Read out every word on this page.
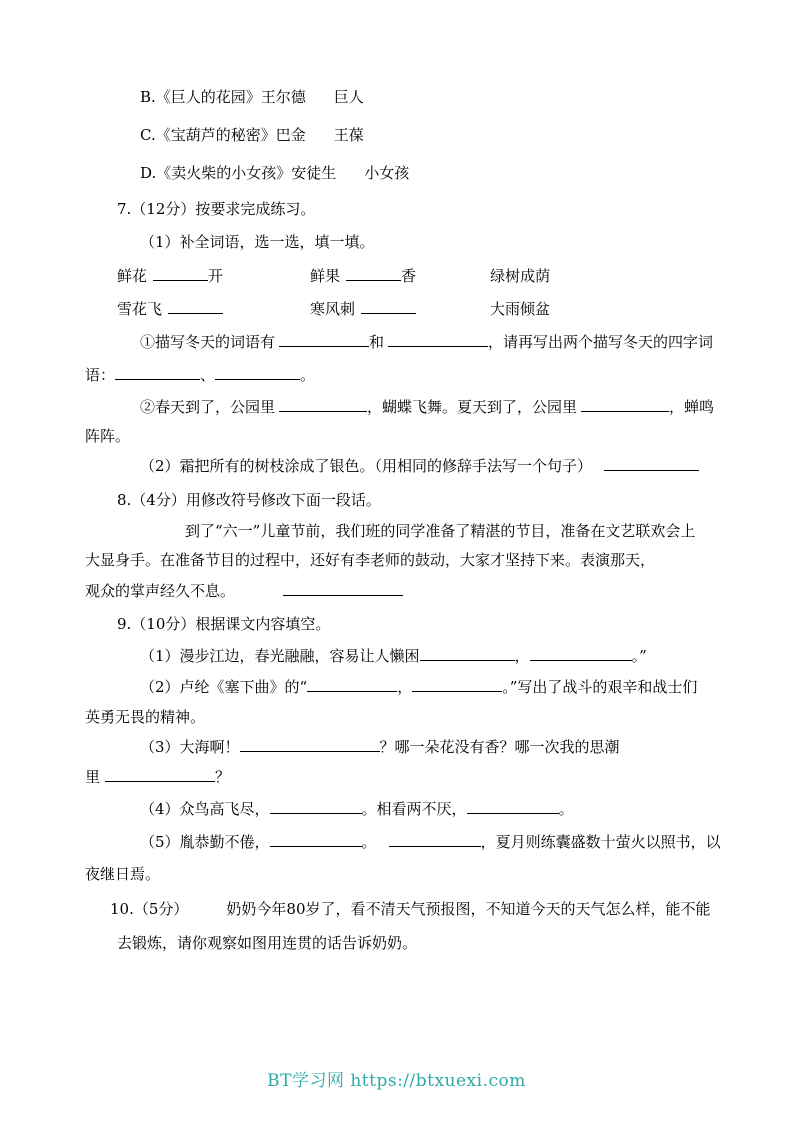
B.《巨人的花园》王尔德 巨人
C.《宝葫芦的秘密》巴金 王葆
D.《卖火柴的小女孩》安徒生 小女孩
7.（12分）按要求完成练习。
（1）补全词语，选一选，填一填。
鲜花	开	鲜果	香	绿树成荫
雪花飞	寒风刺	大雨倾盆
①描写冬天的词语有	和	，请再写出两个描写冬天的四字词
语：	、	。
②春天到了，公园里	，蝴蝶飞舞。夏天到了，公园里	，蝉鸣
阵阵。
（2）霜把所有的树枝涂成了银色。（用相同的修辞手法写一个句子）
8.（4分）用修改符号修改下面一段话。
到了“六一”儿童节前，我们班的同学准备了精湛的节目，准备在文艺联欢会上
大显身手。在准备节目的过程中，还好有李老师的鼓动，大家才坚持下来。表演那天，
观众的掌声经久不息。
9.（10分）根据课文内容填空。
（1）漫步江边，春光融融，容易让人懒困	，	。”
（2）卢纶《塞下曲》的“	，	。”写出了战斗的艰辛和战士们
英勇无畏的精神。
（3）大海啊！	？哪一朵花没有香？哪一次我的思潮
里	？
（4）众鸟高飞尽，	。相看两不厌，	。
（5）胤恭勤不倦，	。	，夏月则练囊盛数十萤火以照书，以
夜继日焉。
10.（5分）	奶奶今年80岁了，看不清天气预报图，不知道今天的天气怎么样，能不能
去锻炼，请你观察如图用连贯的话告诉奶奶。
BT学习网 https://btxuexi.com
